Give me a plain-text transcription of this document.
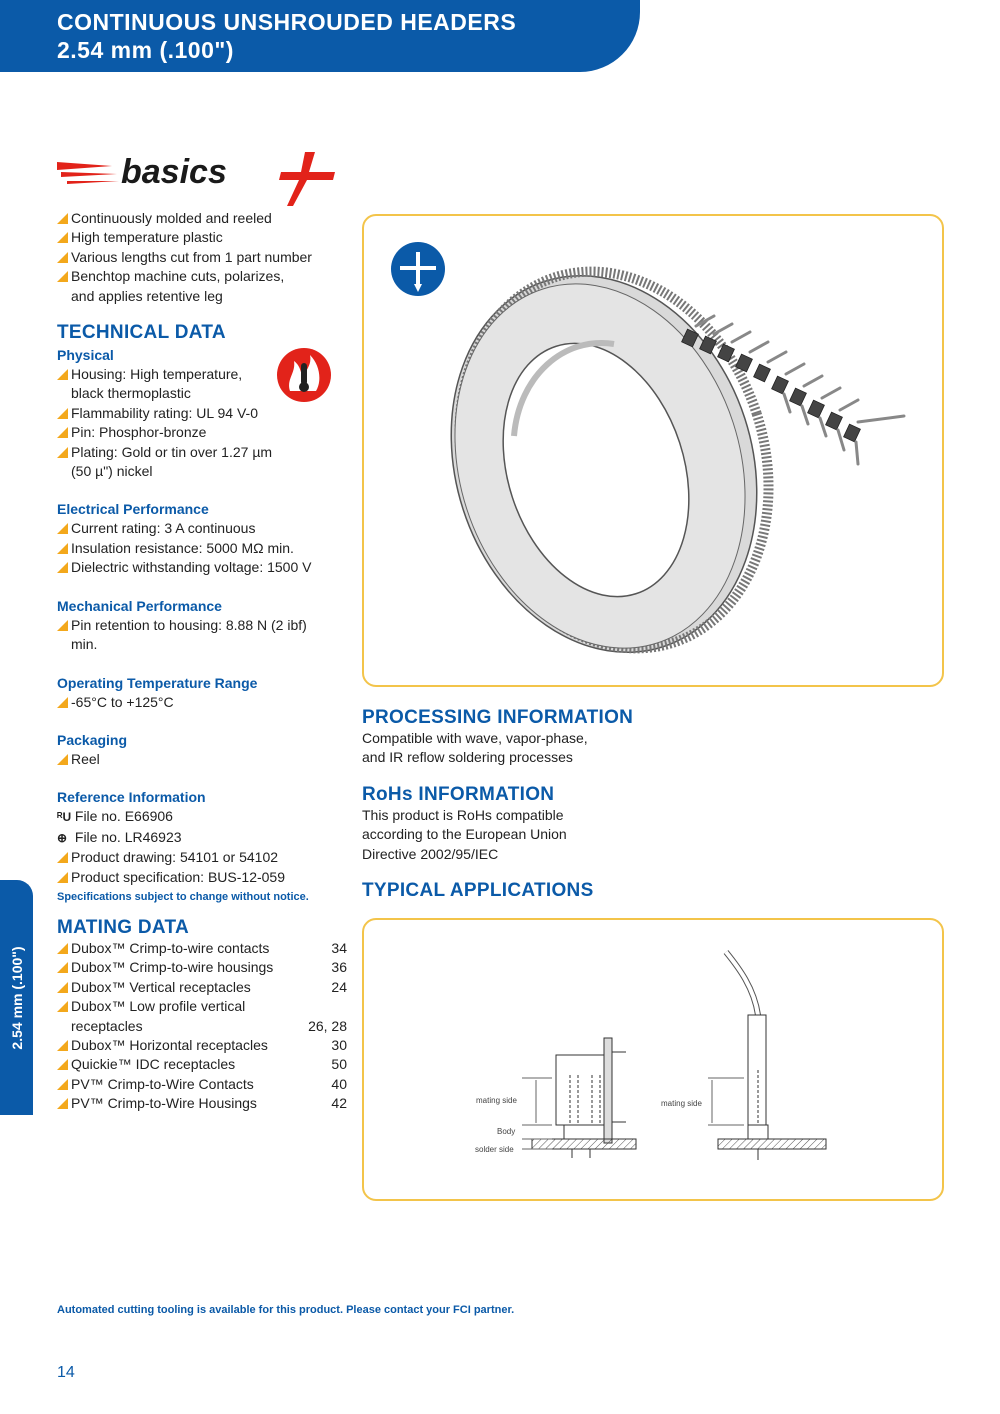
CONTINUOUS UNSHROUDED HEADERS
2.54 mm (.100")
2.54 mm (.100")
basics
Continuously molded and reeled
High temperature plastic
Various lengths cut from 1 part number
Benchtop machine cuts, polarizes,
and applies retentive leg
TECHNICAL DATA
Physical
Housing: High temperature,
black thermoplastic
Flammability rating: UL 94 V-0
Pin: Phosphor-bronze
Plating: Gold or tin over 1.27 µm
(50 µ") nickel
Electrical Performance
Current rating: 3 A continuous
Insulation resistance: 5000 MΩ min.
Dielectric withstanding voltage: 1500 V
Mechanical Performance
Pin retention to housing: 8.88 N (2 ibf)
min.
Operating Temperature Range
-65°C to +125°C
Packaging
Reel
Reference Information
ᴿU File no. E66906
⊕ File no. LR46923
Product drawing: 54101 or 54102
Product specification: BUS-12-059
Specifications subject to change without notice.
MATING DATA
Dubox™ Crimp-to-wire contacts	34
Dubox™ Crimp-to-wire housings	36
Dubox™ Vertical receptacles	24
Dubox™ Low profile vertical
receptacles	26, 28
Dubox™ Horizontal receptacles	30
Quickie™ IDC receptacles	50
PV™ Crimp-to-Wire Contacts	40
PV™ Crimp-to-Wire Housings	42
PROCESSING INFORMATION
Compatible with wave, vapor-phase,
and IR reflow soldering processes
RoHs INFORMATION
This product is RoHs compatible
according to the European Union
Directive 2002/95/IEC
TYPICAL APPLICATIONS
mating side
Body
solder side
mating side
Automated cutting tooling is available for this product. Please contact your FCI partner.
14
